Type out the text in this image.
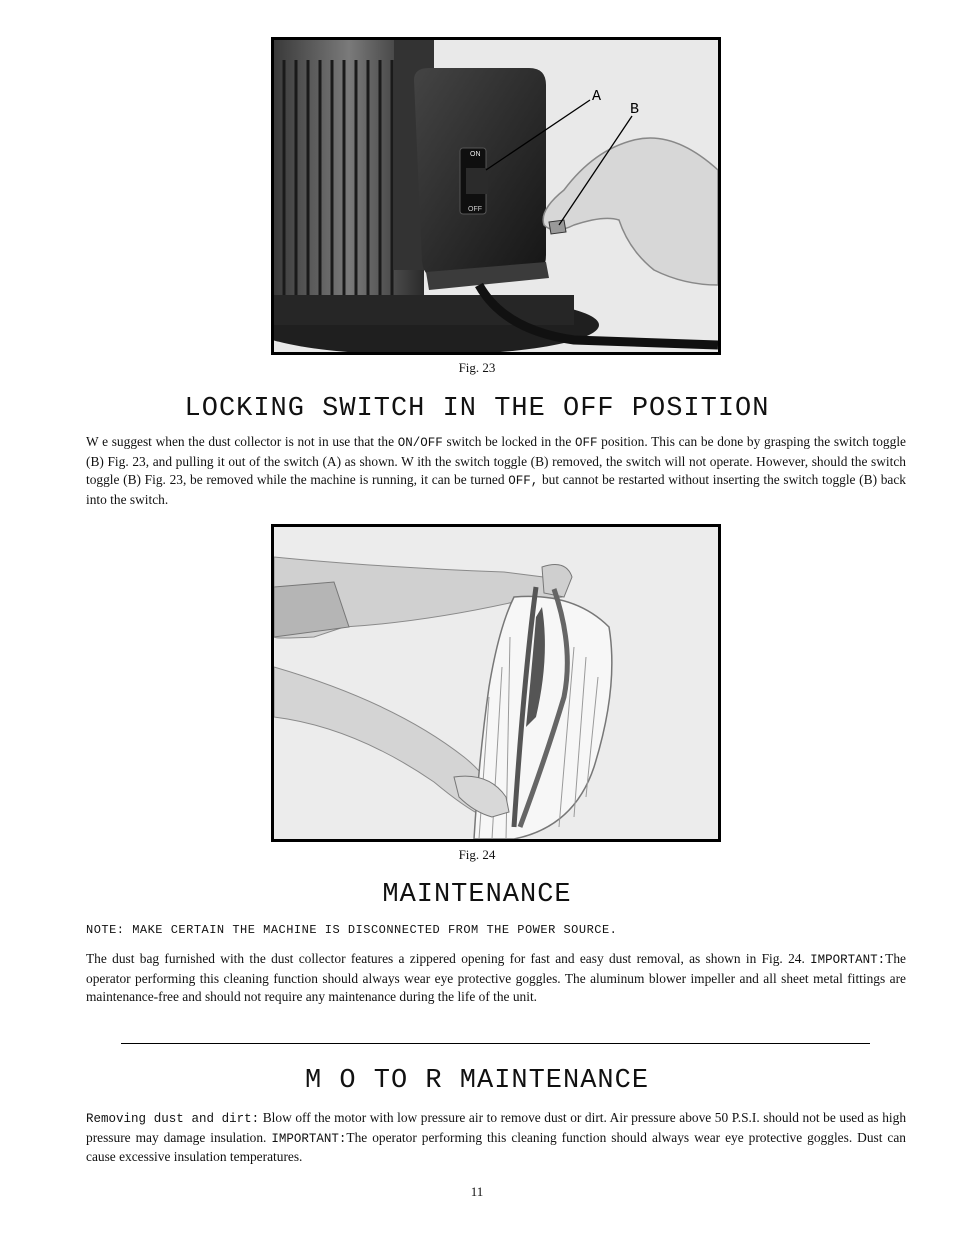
ON
OFF
A
B
Fig. 23
LOCKING SWITCH IN THE OFF POSITION

W e suggest when the dust collector is not in use that the ON/OFF switch be locked in the OFF position. This can be done by grasping the switch toggle (B) Fig. 23, and pulling it out of the switch (A) as shown. W ith the switch toggle (B) removed, the switch will not operate. However, should the switch toggle (B) Fig. 23, be removed while the machine is running, it can be turned OFF, but cannot be restarted without inserting the switch toggle (B) back into the switch.

Fig. 24
MAINTENANCE

NOTE: MAKE CERTAIN THE MACHINE IS DISCONNECTED FROM THE POWER SOURCE.

The dust bag furnished with the dust collector features a zippered opening for fast and easy dust removal, as shown in Fig. 24. IMPORTANT:The operator performing this cleaning function should always wear eye protective goggles. The aluminum blower impeller and all sheet metal fittings are maintenance-free and should not require any maintenance during the life of the unit.

M O TO R MAINTENANCE

Removing dust and dirt: Blow off the motor with low pressure air to remove dust or dirt. Air pressure above 50 P.S.I. should not be used as high pressure may damage insulation. IMPORTANT:The operator performing this cleaning function should always wear eye protective goggles. Dust can cause excessive insulation temperatures.

11
